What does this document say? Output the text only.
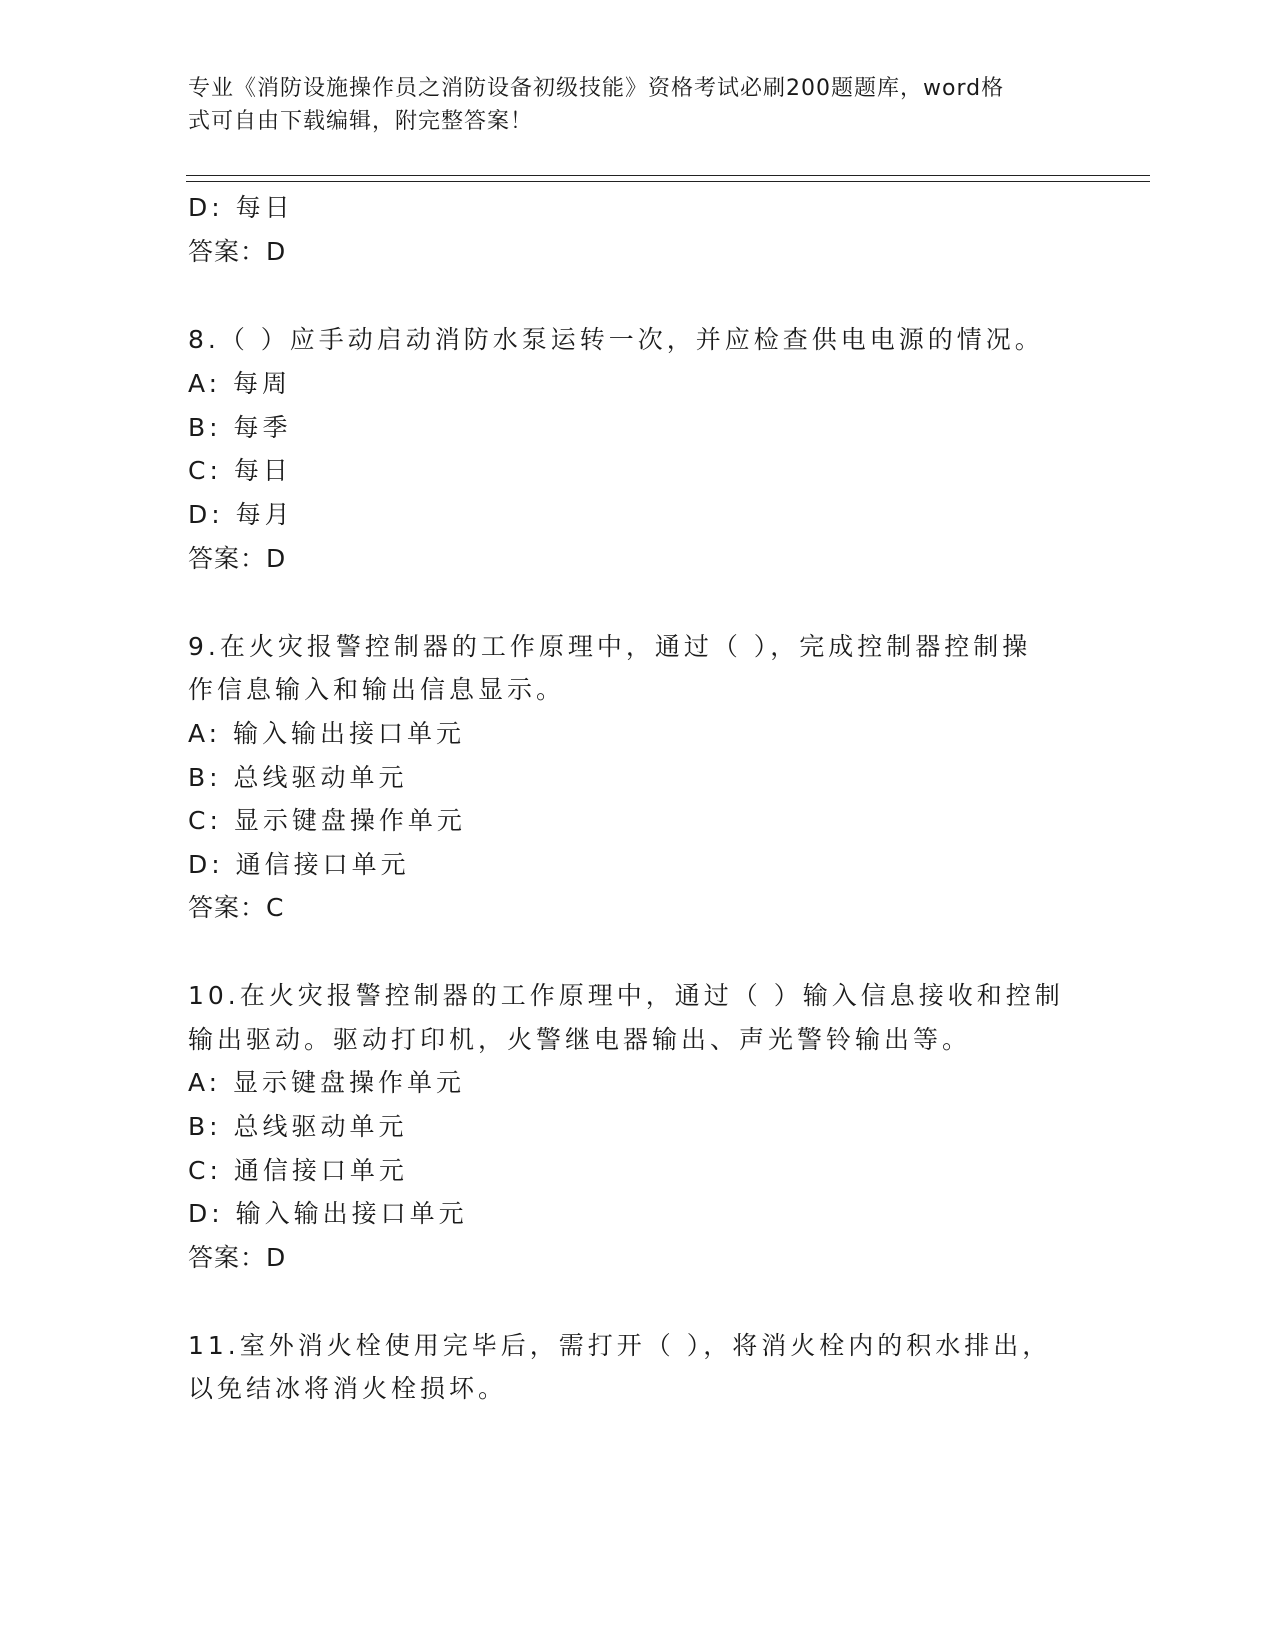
专业《消防设施操作员之消防设备初级技能》资格考试必刷200题题库，word格
式可自由下载编辑，附完整答案！
D: 每日
答案：D
8.（ ）应手动启动消防水泵运转一次，并应检查供电电源的情况。
A: 每周
B: 每季
C: 每日
D: 每月
答案：D
9.在火灾报警控制器的工作原理中，通过（ ），完成控制器控制操
作信息输入和输出信息显示。
A: 输入输出接口单元
B: 总线驱动单元
C: 显示键盘操作单元
D: 通信接口单元
答案：C
10.在火灾报警控制器的工作原理中，通过（ ）输入信息接收和控制
输出驱动。驱动打印机，火警继电器输出、声光警铃输出等。
A: 显示键盘操作单元
B: 总线驱动单元
C: 通信接口单元
D: 输入输出接口单元
答案：D
11.室外消火栓使用完毕后，需打开（ ），将消火栓内的积水排出，
以免结冰将消火栓损坏。
